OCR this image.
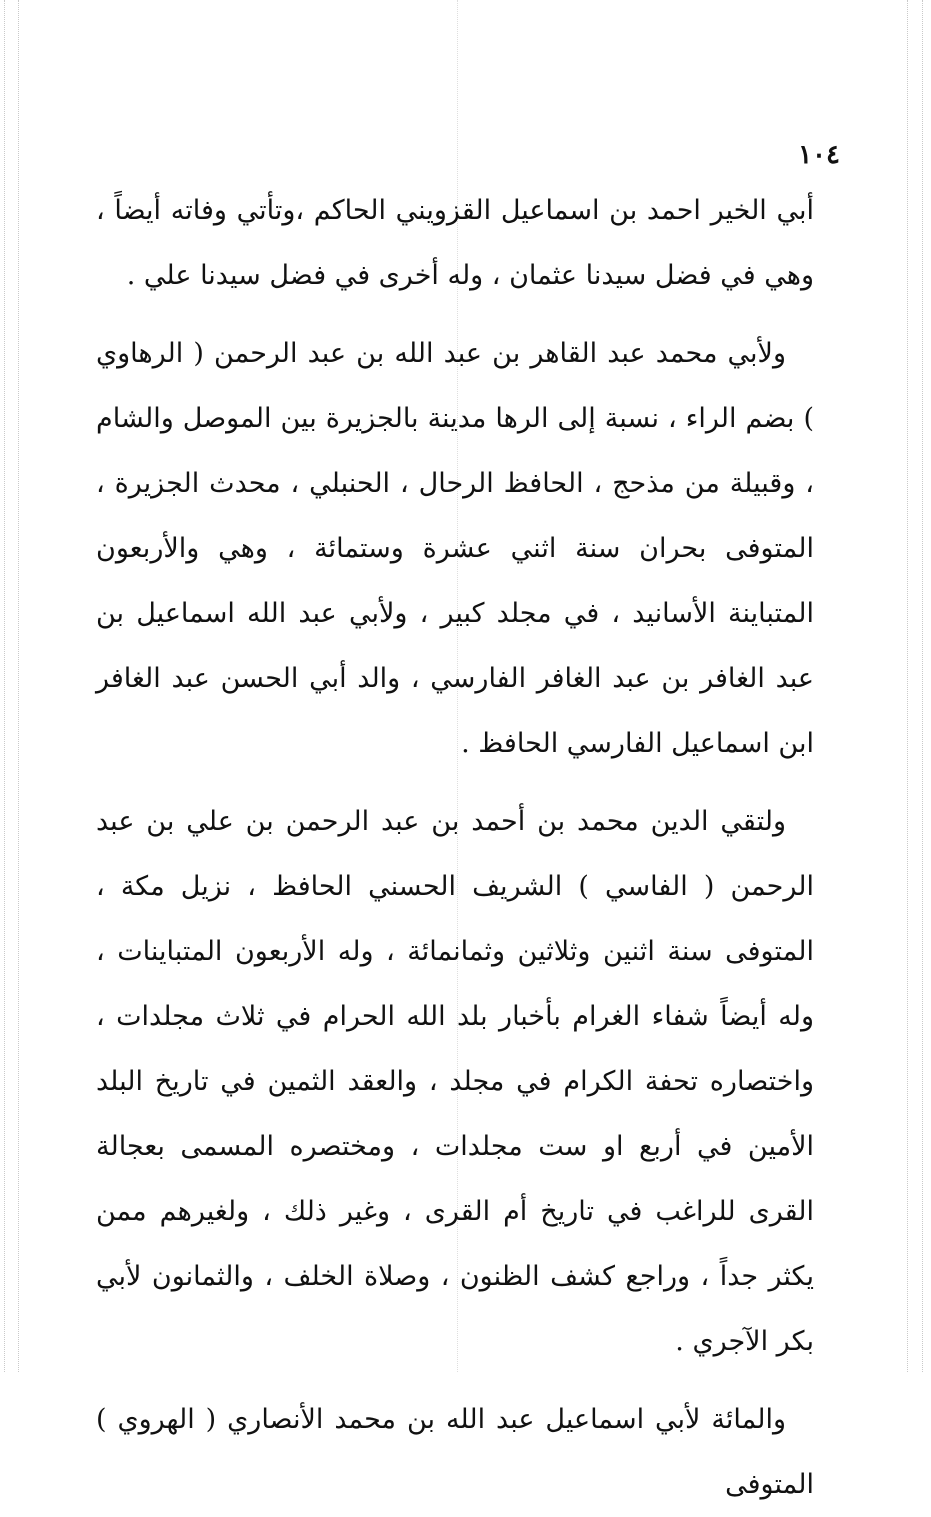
١٠٤

أبي الخير احمد بن اسماعيل القزويني الحاكم ،وتأتي وفاته أيضاً ، وهي في فضل سيدنا عثمان ، وله أخرى في فضل سيدنا علي .

ولأبي محمد عبد القاهر بن عبد الله بن عبد الرحمن ( الرهاوي ) بضم الراء ، نسبة إلى الرها مدينة بالجزيرة بين الموصل والشام ، وقبيلة من مذحج ، الحافظ الرحال ، الحنبلي ، محدث الجزيرة ، المتوفى بحران سنة اثني عشرة وستمائة ، وهي والأربعون المتباينة الأسانيد ، في مجلد كبير ، ولأبي عبد الله اسماعيل بن عبد الغافر بن عبد الغافر الفارسي ، والد أبي الحسن عبد الغافر ابن اسماعيل الفارسي الحافظ .

ولتقي الدين محمد بن أحمد بن عبد الرحمن بن علي بن عبد الرحمن ( الفاسي ) الشريف الحسني الحافظ ، نزيل مكة ، المتوفى سنة اثنين وثلاثين وثمانمائة ، وله الأربعون المتباينات ، وله أيضاً شفاء الغرام بأخبار بلد الله الحرام في ثلاث مجلدات ، واختصاره تحفة الكرام في مجلد ، والعقد الثمين في تاريخ البلد الأمين في أربع او ست مجلدات ، ومختصره المسمى بعجالة القرى للراغب في تاريخ أم القرى ، وغير ذلك ، ولغيرهم ممن يكثر جداً ، وراجع كشف الظنون ، وصلاة الخلف ، والثمانون لأبي بكر الآجري .

والمائة لأبي اسماعيل عبد الله بن محمد الأنصاري ( الهروي ) المتوفى
